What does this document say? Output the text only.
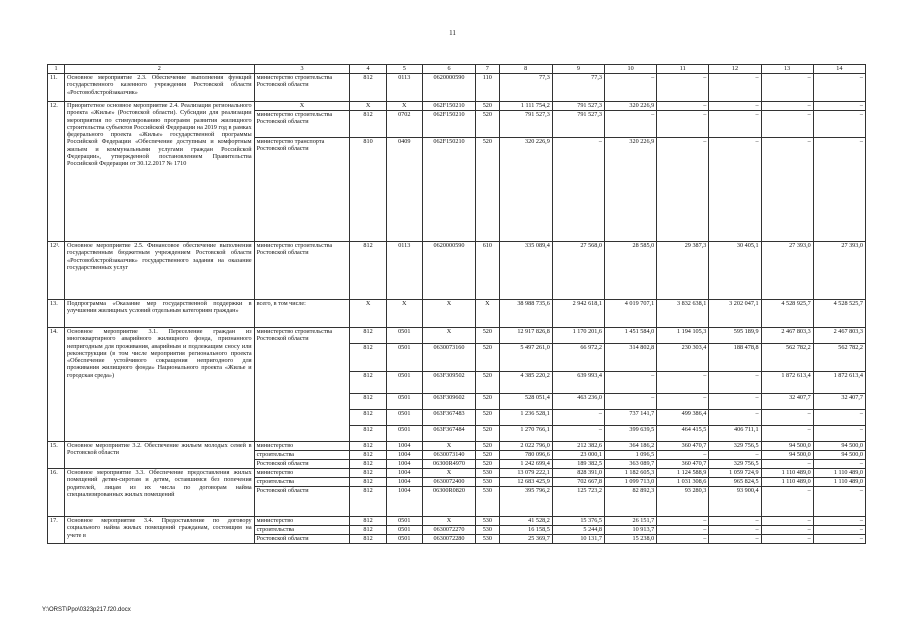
11
1	2	3	4	5	6	7	8	9	10	11	12	13	14
11.	Основное мероприятие 2.3. Обеспечение выполнения функций государственного казенного учреждения Ростовской области «Ростовоблстройзаказчик»	министерство строительства Ростовской области	812	0113	0620000590	110	77,3	77,3	–	–	–	–	–
12.	Приоритетное основное мероприятие 2.4. Реализация регионального проекта «Жилье» (Ростовской области). Субсидии для реализации мероприятия по стимулированию программ развития жилищного строительства субъектов Российской Федерации на 2019 год в рамках федерального проекта «Жилье» государственной программы Российской Федерации «Обеспечение доступным и комфортным жильем и коммунальными услугами граждан Российской Федерации», утвержденной постановлением Правительства Российской Федерации от 30.12.2017 № 1710	X	X	X	062F150210	520	1 111 754,2	791 527,3	320 226,9	–	–	–	–
		министерство строительства Ростовской области	812	0702	062F150210	520	791 527,3	791 527,3	–	–	–	–	–
		министерство транспорта Ростовской области	810	0409	062F150210	520	320 226,9	–	320 226,9	–	–	–	–
12¹.	Основное мероприятие 2.5. Финансовое обеспечение выполнения государственным бюджетным учреждением Ростовской области «Ростовоблстройзаказчик» государственного задания на оказание государственных услуг	министерство строительства Ростовской области	812	0113	0620000590	610	335 089,4	27 568,0	28 585,0	29 387,3	30 405,1	27 393,0	27 393,0
13.	Подпрограмма «Оказание мер государственной поддержки в улучшении жилищных условий отдельным категориям граждан»	всего, в том числе:	X	X	X	X	38 988 735,6	2 942 618,1	4 019 707,1	3 832 638,1	3 202 047,1	4 528 925,7	4 528 525,7
14.	Основное мероприятие 3.1. Переселение граждан из многоквартирного аварийного жилищного фонда, признанного непригодным для проживания, аварийным и подлежащим сносу или реконструкции (в том числе мероприятия регионального проекта «Обеспечение устойчивого сокращения непригодного для проживания жилищного фонда» Национального проекта «Жилье и городская среда»)	министерство строительства Ростовской области	812	0501	X	520	12 917 826,8	1 170 201,6	1 451 584,0	1 194 105,3	595 189,9	2 467 803,3	2 467 803,3
			812	0501	0630073160	520	5 497 261,0	66 972,2	314 802,8	230 303,4	188 478,8	562 782,2	562 782,2
			812	0501	063F309502	520	4 385 220,2	639 993,4	–	–	–	1 872 613,4	1 872 613,4
			812	0501	063F309602	520	528 051,4	463 236,0	–	–	–	32 407,7	32 407,7
			812	0501	063F367483	520	1 236 528,1	–	737 141,7	499 386,4	–	–	–
			812	0501	063F367484	520	1 270 766,1	–	399 639,5	464 415,5	406 711,1	–	–
15.	Основное мероприятие 3.2. Обеспечение жильем молодых семей в Ростовской области	министерство	812	1004	X	520	2 022 796,0	212 382,6	364 186,2	360 470,7	329 756,5	94 500,0	94 500,0
		строительства	812	1004	0630073140	520	780 096,6	23 000,1	1 096,5	–	–	94 500,0	94 500,0
		Ростовской области	812	1004	06300R4970	520	1 242 699,4	189 382,5	363 089,7	360 470,7	329 756,5	–	–
16.	Основное мероприятие 3.3. Обеспечение предоставления жилых помещений детям-сиротам и детям, оставшимся без попечения родителей, лицам из их числа по договорам найма специализированных жилых помещений	министерство	812	1004	X	530	13 079 222,1	828 391,0	1 182 605,3	1 124 588,9	1 059 724,9	1 110 489,0	1 110 489,0
		строительства	812	1004	0630072400	530	12 683 425,9	702 667,8	1 099 713,0	1 031 308,6	965 824,5	1 110 489,0	1 110 489,0
		Ростовской области	812	1004	06300R0820	530	395 796,2	125 723,2	82 892,3	93 280,3	93 900,4	–	–
17.	Основное мероприятие 3.4. Предоставление по договору социального найма жилых помещений гражданам, состоящим на учете в	министерство	812	0501	X	530	41 528,2	15 376,5	26 151,7	–	–	–	–
		строительства	812	0501	0630072270	530	16 158,5	5 244,8	10 913,7	–	–	–	–
		Ростовской области	812	0501	0630072280	530	25 369,7	10 131,7	15 238,0	–	–	–	–
Y:\ORST\Ppo\0323p217.f20.docx
